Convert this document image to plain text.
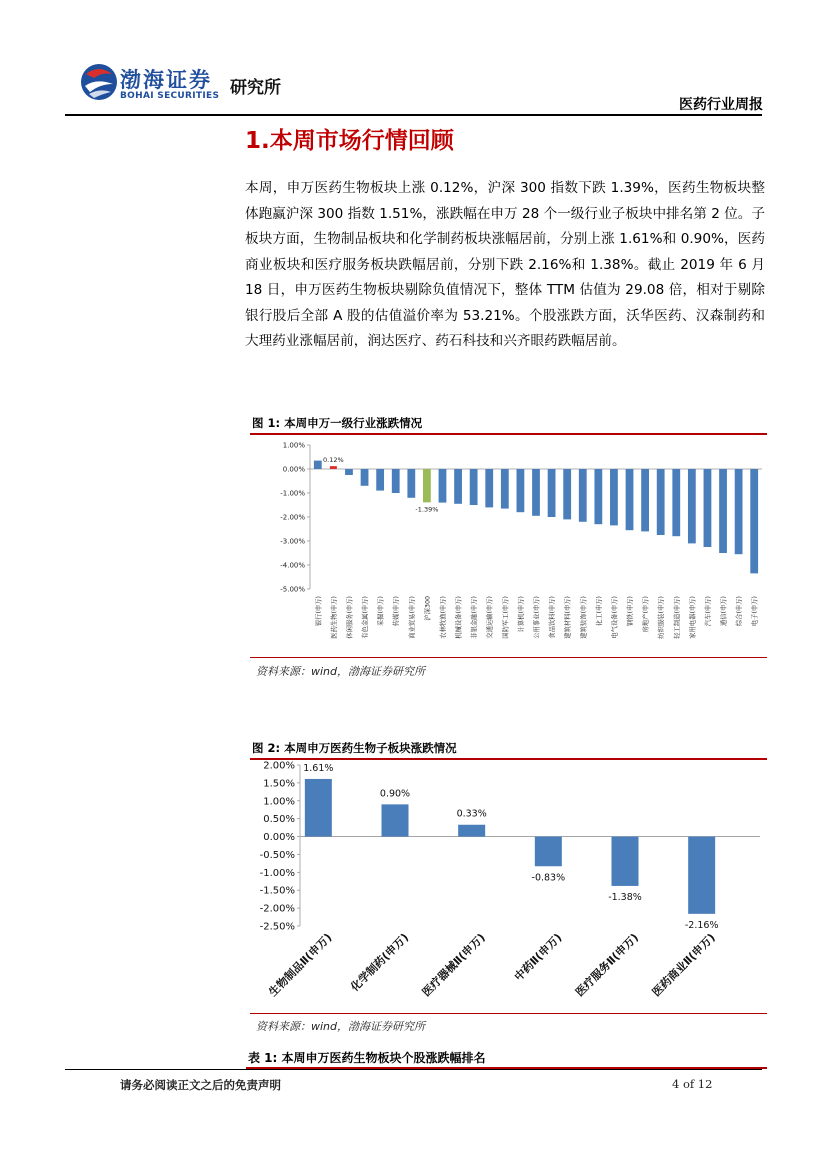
渤海证券
BOHAI SECURITIES 研究所
医药行业周报
1.本周市场行情回顾
本周，申万医药生物板块上涨 0.12%，沪深 300 指数下跌 1.39%，医药生物板块整体跑赢沪深 300 指数 1.51%，涨跌幅在申万 28 个一级行业子板块中排名第 2 位。子板块方面，生物制品板块和化学制药板块涨幅居前，分别上涨 1.61%和 0.90%，医药商业板块和医疗服务板块跌幅居前，分别下跌 2.16%和 1.38%。截止 2019 年 6 月 18 日，申万医药生物板块剔除负值情况下，整体 TTM 估值为 29.08 倍，相对于剔除银行股后全部 A 股的估值溢价率为 53.21%。个股涨跌方面，沃华医药、汉森制药和大理药业涨幅居前，润达医疗、药石科技和兴齐眼药跌幅居前。
图 1: 本周申万一级行业涨跌情况
1.00%
0.00%
-1.00%
-2.00%
-3.00%
-4.00%
-5.00%
银行(申万)
0.12%
医药生物(申万)	休闲服务(申万)	有色金属(申万)	采掘(申万)	传媒(申万)	商业贸易(申万)
-1.39%
沪深300	农林牧渔(申万)	机械设备(申万)	非银金融(申万)	交通运输(申万)	国防军工(申万)	计算机(申万)	公用事业(申万)	食品饮料(申万)	建筑材料(申万)	建筑装饰(申万)	化工(申万)	电气设备(申万)	钢铁(申万)	房地产(申万)	纺织服装(申万)	轻工制造(申万)	家用电器(申万)	汽车(申万)	通信(申万)	综合(申万)	电子(申万)
资料来源：wind，渤海证券研究所
图 2: 本周申万医药生物子板块涨跌情况
2.00%
1.50%
1.00%
0.50%
0.00%
-0.50%
-1.00%
-1.50%
-2.00%
-2.50%
1.61%
生物制品Ⅱ(申万)
0.90%
化学制药(申万)
0.33%
医疗器械Ⅱ(申万)
-0.83%
中药Ⅱ(申万)
-1.38%
医疗服务Ⅱ(申万)
-2.16%
医药商业Ⅱ(申万)
资料来源：wind，渤海证券研究所
表 1: 本周申万医药生物板块个股涨跌幅排名
请务必阅读正文之后的免责声明	4 of 12
